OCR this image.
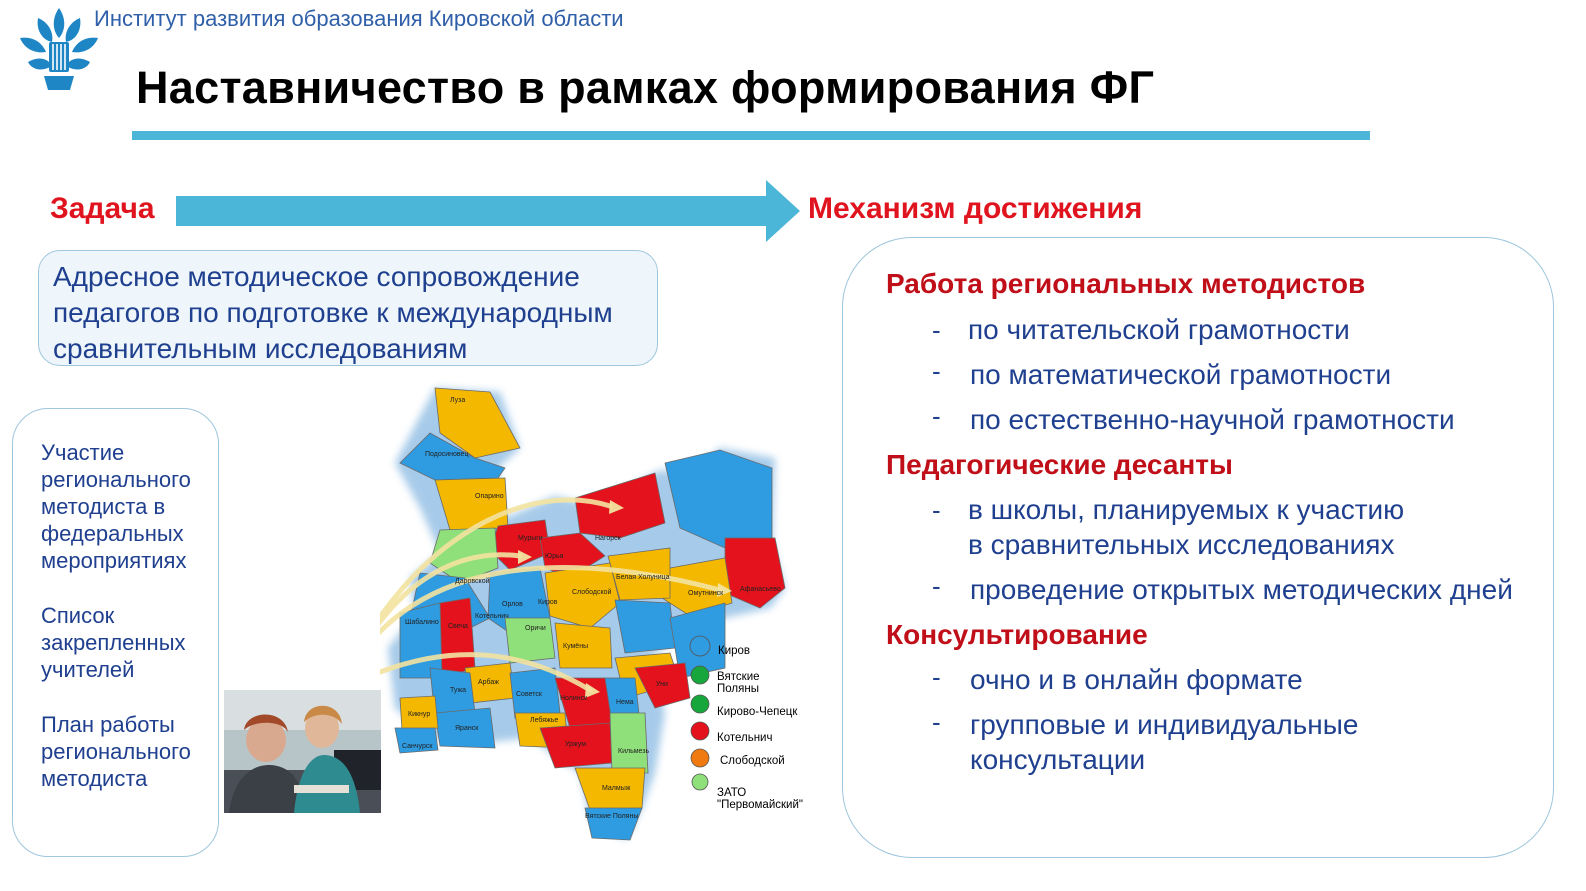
Институт развития образования Кировской области
Наставничество в рамках формирования ФГ
Задача	Механизм достижения
Адресное методическое сопровождение педагогов по подготовке к международным сравнительным исследованиям
Участие регионального методиста в федеральных мероприятиях
Список закрепленных учителей
План работы регионального методиста
Работа региональных методистов
- по читательской грамотности
- по математической грамотности
- по естественно-научной грамотности
Педагогические десанты
- в школы, планируемых к участию
в сравнительных исследованиях
- проведение открытых методических дней
Консультирование
- очно и в онлайн формате
- групповые и индивидуальные
консультации
Луза
Подосиновец
Опарино
Мурыги	Нагорск
Юрья
Даровской
Белая Холуница
Омутнинск
Афанасьево
Слободской
Киров
Орлов
Котельнич
Свеча
Шабалино
Оричи
Кумёны
Арбаж
Советск
Нолинск
Тужа
Кильмезь
Уни
Яранск
Санчурск
Кикнур
Лебяжье
Уржум
Нема
Малмыж
Вятские Поляны
Киров
Вятские Поляны
Кирово-Чепецк
Котельнич
Слободской
ЗАТО "Первомайский"
